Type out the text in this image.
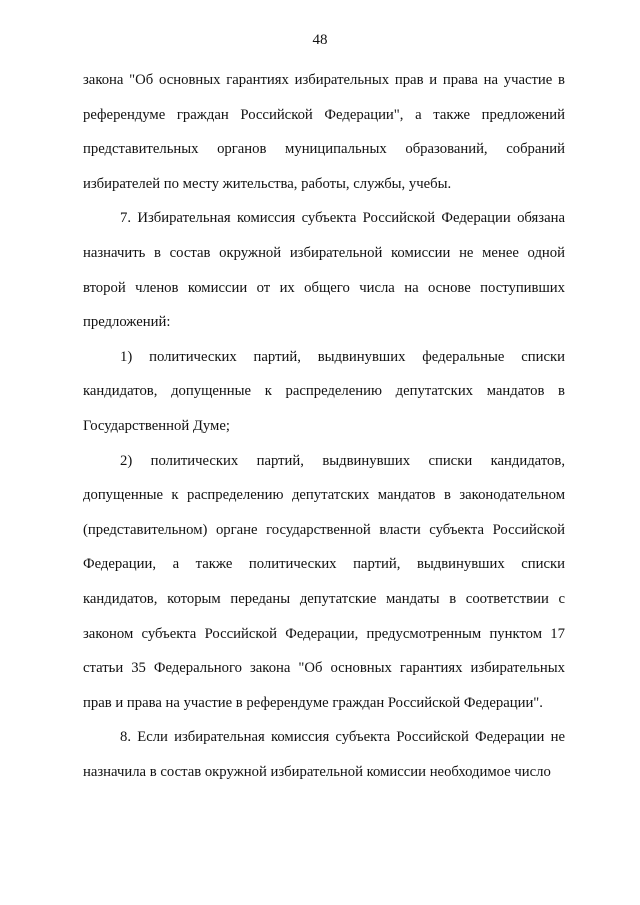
48

закона "Об основных гарантиях избирательных прав и права на участие в референдуме граждан Российской Федерации", а также предложений представительных органов муниципальных образований, собраний избирателей по месту жительства, работы, службы, учебы.

7. Избирательная комиссия субъекта Российской Федерации обязана назначить в состав окружной избирательной комиссии не менее одной второй членов комиссии от их общего числа на основе поступивших предложений:

1) политических партий, выдвинувших федеральные списки кандидатов, допущенные к распределению депутатских мандатов в Государственной Думе;

2) политических партий, выдвинувших списки кандидатов, допущенные к распределению депутатских мандатов в законодательном (представительном) органе государственной власти субъекта Российской Федерации, а также политических партий, выдвинувших списки кандидатов, которым переданы депутатские мандаты в соответствии с законом субъекта Российской Федерации, предусмотренным пунктом 17 статьи 35 Федерального закона "Об основных гарантиях избирательных прав и права на участие в референдуме граждан Российской Федерации".

8. Если избирательная комиссия субъекта Российской Федерации не назначила в состав окружной избирательной комиссии необходимое число
